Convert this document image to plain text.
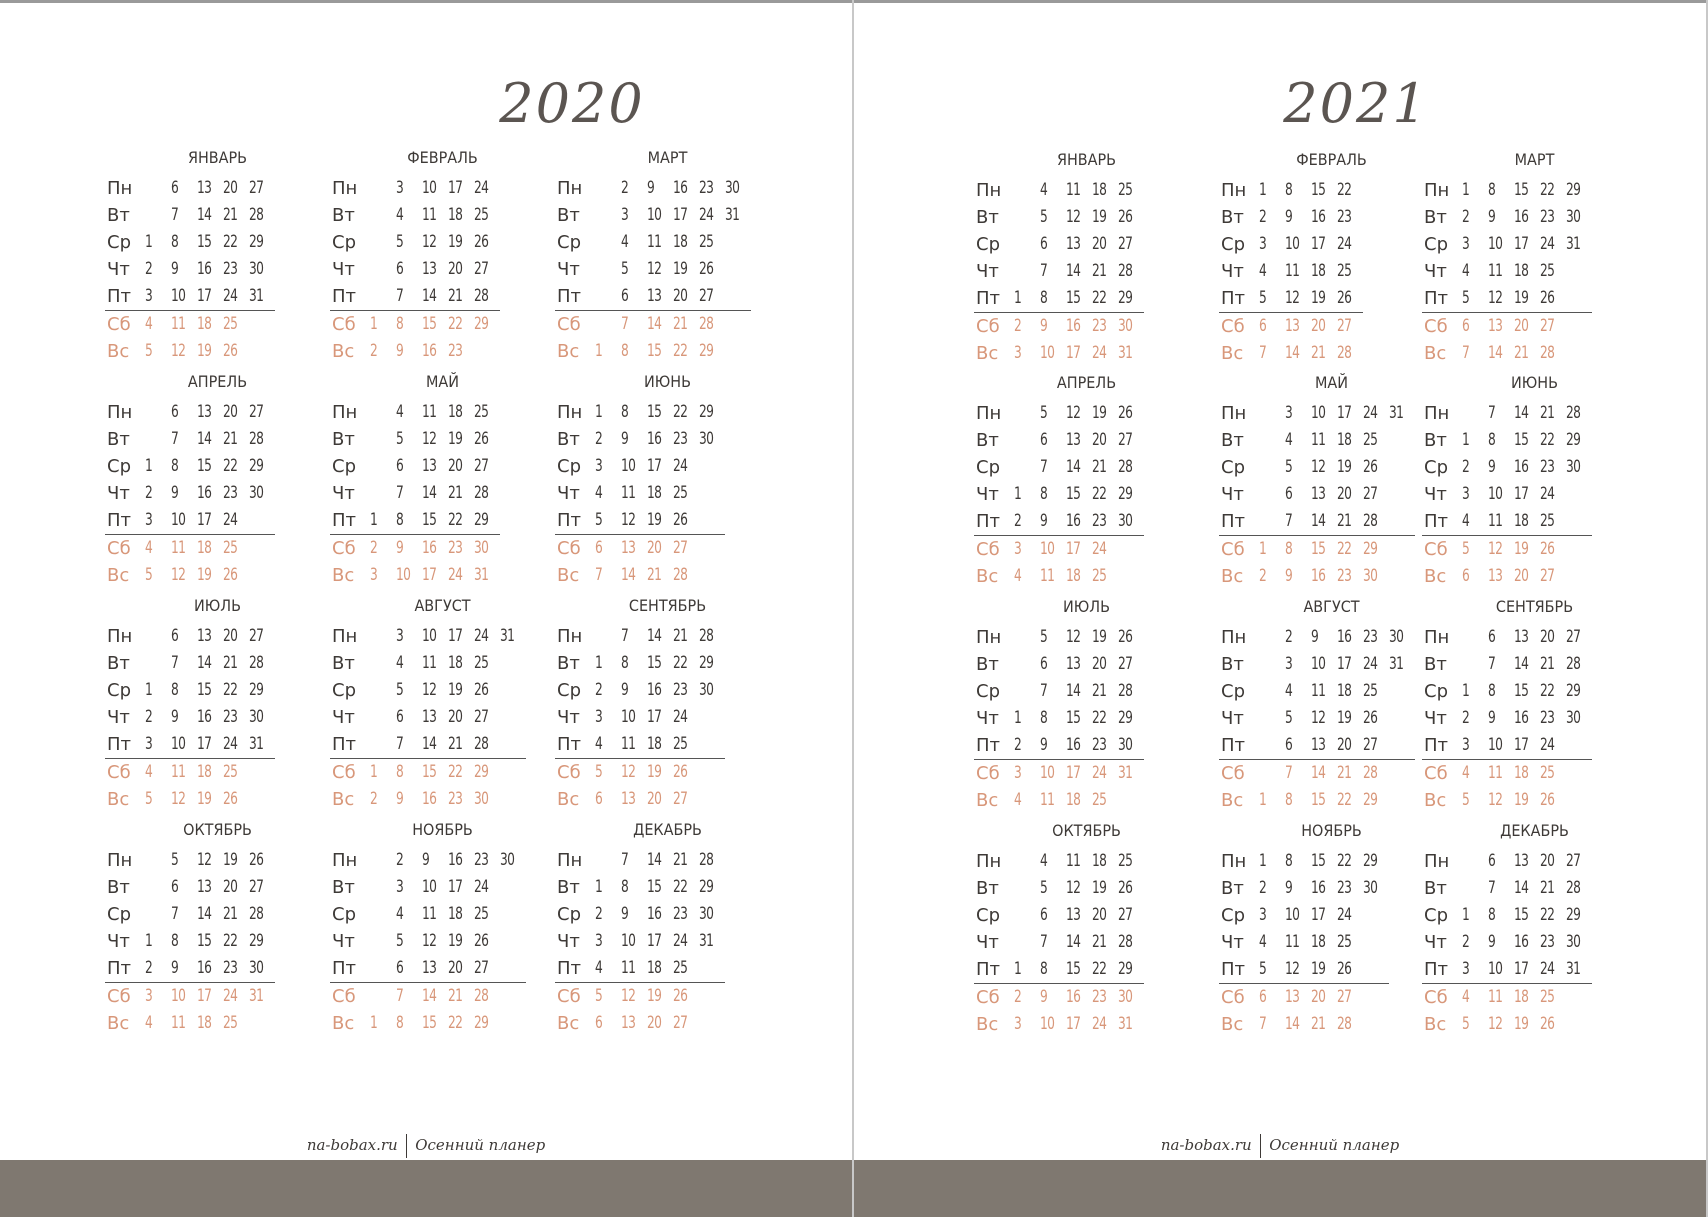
2020
ЯНВАРЬ
Пн		6	13	20	27
Вт		7	14	21	28
Ср	1	8	15	22	29
Чт	2	9	16	23	30
Пт	3	10	17	24	31
Сб	4	11	18	25	
Вс	5	12	19	26	
ФЕВРАЛЬ
Пн		3	10	17	24
Вт		4	11	18	25
Ср		5	12	19	26
Чт		6	13	20	27
Пт		7	14	21	28
Сб	1	8	15	22	29
Вс	2	9	16	23	
МАРТ
Пн		2	9	16	23	30
Вт		3	10	17	24	31
Ср		4	11	18	25	
Чт		5	12	19	26	
Пт		6	13	20	27	
Сб		7	14	21	28	
Вс	1	8	15	22	29	
АПРЕЛЬ
Пн		6	13	20	27
Вт		7	14	21	28
Ср	1	8	15	22	29
Чт	2	9	16	23	30
Пт	3	10	17	24	
Сб	4	11	18	25	
Вс	5	12	19	26	
МАЙ
Пн		4	11	18	25
Вт		5	12	19	26
Ср		6	13	20	27
Чт		7	14	21	28
Пт	1	8	15	22	29
Сб	2	9	16	23	30
Вс	3	10	17	24	31
ИЮНЬ
Пн	1	8	15	22	29
Вт	2	9	16	23	30
Ср	3	10	17	24	
Чт	4	11	18	25	
Пт	5	12	19	26	
Сб	6	13	20	27	
Вс	7	14	21	28	
ИЮЛЬ
Пн		6	13	20	27
Вт		7	14	21	28
Ср	1	8	15	22	29
Чт	2	9	16	23	30
Пт	3	10	17	24	31
Сб	4	11	18	25	
Вс	5	12	19	26	
АВГУСТ
Пн		3	10	17	24	31
Вт		4	11	18	25	
Ср		5	12	19	26	
Чт		6	13	20	27	
Пт		7	14	21	28	
Сб	1	8	15	22	29	
Вс	2	9	16	23	30	
СЕНТЯБРЬ
Пн		7	14	21	28
Вт	1	8	15	22	29
Ср	2	9	16	23	30
Чт	3	10	17	24	
Пт	4	11	18	25	
Сб	5	12	19	26	
Вс	6	13	20	27	
ОКТЯБРЬ
Пн		5	12	19	26
Вт		6	13	20	27
Ср		7	14	21	28
Чт	1	8	15	22	29
Пт	2	9	16	23	30
Сб	3	10	17	24	31
Вс	4	11	18	25	
НОЯБРЬ
Пн		2	9	16	23	30
Вт		3	10	17	24	
Ср		4	11	18	25	
Чт		5	12	19	26	
Пт		6	13	20	27	
Сб		7	14	21	28	
Вс	1	8	15	22	29	
ДЕКАБРЬ
Пн		7	14	21	28
Вт	1	8	15	22	29
Ср	2	9	16	23	30
Чт	3	10	17	24	31
Пт	4	11	18	25	
Сб	5	12	19	26	
Вс	6	13	20	27	
na-bobax.ru Осенний планер
2021
ЯНВАРЬ
Пн		4	11	18	25
Вт		5	12	19	26
Ср		6	13	20	27
Чт		7	14	21	28
Пт	1	8	15	22	29
Сб	2	9	16	23	30
Вс	3	10	17	24	31
ФЕВРАЛЬ
Пн	1	8	15	22
Вт	2	9	16	23
Ср	3	10	17	24
Чт	4	11	18	25
Пт	5	12	19	26
Сб	6	13	20	27
Вс	7	14	21	28
МАРТ
Пн	1	8	15	22	29
Вт	2	9	16	23	30
Ср	3	10	17	24	31
Чт	4	11	18	25	
Пт	5	12	19	26	
Сб	6	13	20	27	
Вс	7	14	21	28	
АПРЕЛЬ
Пн		5	12	19	26
Вт		6	13	20	27
Ср		7	14	21	28
Чт	1	8	15	22	29
Пт	2	9	16	23	30
Сб	3	10	17	24	
Вс	4	11	18	25	
МАЙ
Пн		3	10	17	24	31
Вт		4	11	18	25	
Ср		5	12	19	26	
Чт		6	13	20	27	
Пт		7	14	21	28	
Сб	1	8	15	22	29	
Вс	2	9	16	23	30	
ИЮНЬ
Пн		7	14	21	28
Вт	1	8	15	22	29
Ср	2	9	16	23	30
Чт	3	10	17	24	
Пт	4	11	18	25	
Сб	5	12	19	26	
Вс	6	13	20	27	
ИЮЛЬ
Пн		5	12	19	26
Вт		6	13	20	27
Ср		7	14	21	28
Чт	1	8	15	22	29
Пт	2	9	16	23	30
Сб	3	10	17	24	31
Вс	4	11	18	25	
АВГУСТ
Пн		2	9	16	23	30
Вт		3	10	17	24	31
Ср		4	11	18	25	
Чт		5	12	19	26	
Пт		6	13	20	27	
Сб		7	14	21	28	
Вс	1	8	15	22	29	
СЕНТЯБРЬ
Пн		6	13	20	27
Вт		7	14	21	28
Ср	1	8	15	22	29
Чт	2	9	16	23	30
Пт	3	10	17	24	
Сб	4	11	18	25	
Вс	5	12	19	26	
ОКТЯБРЬ
Пн		4	11	18	25
Вт		5	12	19	26
Ср		6	13	20	27
Чт		7	14	21	28
Пт	1	8	15	22	29
Сб	2	9	16	23	30
Вс	3	10	17	24	31
НОЯБРЬ
Пн	1	8	15	22	29
Вт	2	9	16	23	30
Ср	3	10	17	24	
Чт	4	11	18	25	
Пт	5	12	19	26	
Сб	6	13	20	27	
Вс	7	14	21	28	
ДЕКАБРЬ
Пн		6	13	20	27
Вт		7	14	21	28
Ср	1	8	15	22	29
Чт	2	9	16	23	30
Пт	3	10	17	24	31
Сб	4	11	18	25	
Вс	5	12	19	26	
na-bobax.ru Осенний планер
